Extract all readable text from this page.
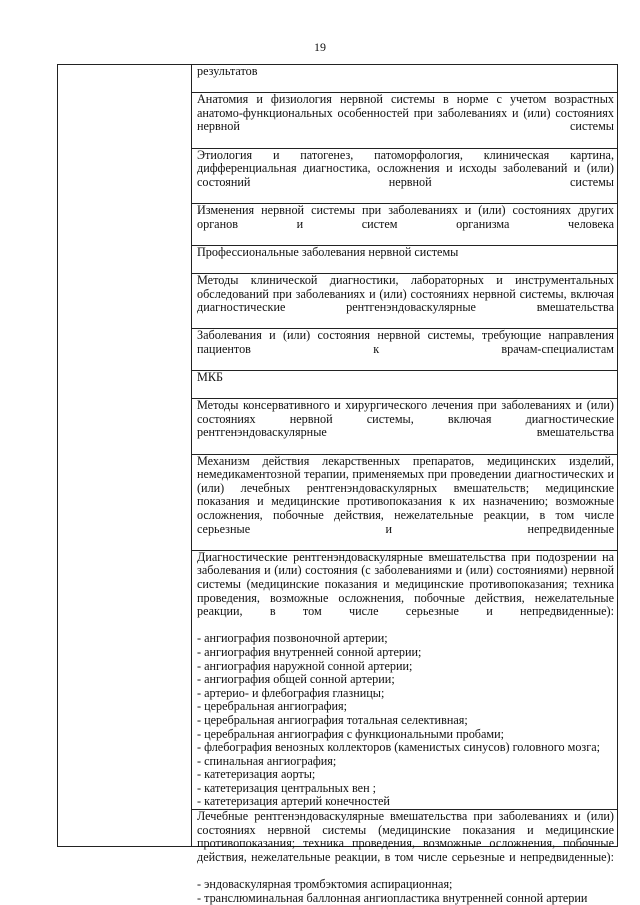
19
результатов
Анатомия и физиология нервной системы в норме с учетом возрастных анатомо-функциональных особенностей при заболеваниях и (или) состояниях нервной системы
Этиология и патогенез, патоморфология, клиническая картина, дифференциальная диагностика, осложнения и исходы заболеваний и (или) состояний нервной системы
Изменения нервной системы при заболеваниях и (или) состояниях других органов и систем организма человека
Профессиональные заболевания нервной системы
Методы клинической диагностики, лабораторных и инструментальных обследований при заболеваниях и (или) состояниях нервной системы, включая диагностические рентгенэндоваскулярные вмешательства
Заболевания и (или) состояния нервной системы, требующие направления пациентов к врачам-специалистам
МКБ
Методы консервативного и хирургического лечения при заболеваниях и (или) состояниях нервной системы, включая диагностические рентгенэндоваскулярные вмешательства
Механизм действия лекарственных препаратов, медицинских изделий, немедикаментозной терапии, применяемых при проведении диагностических и (или) лечебных рентгенэндоваскулярных вмешательств; медицинские показания и медицинские противопоказания к их назначению; возможные осложнения, побочные действия, нежелательные реакции, в том числе серьезные и непредвиденные
Диагностические рентгенэндоваскулярные вмешательства при подозрении на заболевания и (или) состояния (с заболеваниями и (или) состояниями) нервной системы (медицинские показания и медицинские противопоказания; техника проведения, возможные осложнения, побочные действия, нежелательные реакции, в том числе серьезные и непредвиденные):
- ангиография позвоночной артерии;
- ангиография внутренней сонной артерии;
- ангиография наружной сонной артерии;
- ангиография общей сонной артерии;
- артерио- и флебография глазницы;
- церебральная ангиография;
- церебральная ангиография тотальная селективная;
- церебральная ангиография с функциональными пробами;
- флебография венозных коллекторов (каменистых синусов) головного мозга;
- спинальная ангиография;
- катетеризация аорты;
- катетеризация центральных вен ;
- катетеризация артерий конечностей
Лечебные рентгенэндоваскулярные вмешательства при заболеваниях и (или) состояниях нервной системы (медицинские показания и медицинские противопоказания; техника проведения, возможные осложнения, побочные действия, нежелательные реакции, в том числе серьезные и непредвиденные):
- эндоваскулярная тромбэктомия аспирационная;
- транслюминальная баллонная ангиопластика внутренней сонной артерии
